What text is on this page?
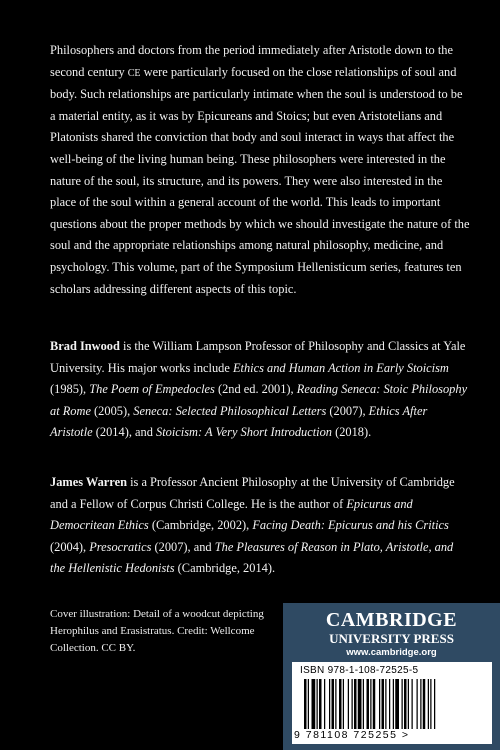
Philosophers and doctors from the period immediately after Aristotle down to the second century CE were particularly focused on the close relationships of soul and body. Such relationships are particularly intimate when the soul is understood to be a material entity, as it was by Epicureans and Stoics; but even Aristotelians and Platonists shared the conviction that body and soul interact in ways that affect the well-being of the living human being. These philosophers were interested in the nature of the soul, its structure, and its powers. They were also interested in the place of the soul within a general account of the world. This leads to important questions about the proper methods by which we should investigate the nature of the soul and the appropriate relationships among natural philosophy, medicine, and psychology. This volume, part of the Symposium Hellenisticum series, features ten scholars addressing different aspects of this topic.

Brad Inwood is the William Lampson Professor of Philosophy and Classics at Yale University. His major works include Ethics and Human Action in Early Stoicism (1985), The Poem of Empedocles (2nd ed. 2001), Reading Seneca: Stoic Philosophy at Rome (2005), Seneca: Selected Philosophical Letters (2007), Ethics After Aristotle (2014), and Stoicism: A Very Short Introduction (2018).

James Warren is a Professor Ancient Philosophy at the University of Cambridge and a Fellow of Corpus Christi College. He is the author of Epicurus and Democritean Ethics (Cambridge, 2002), Facing Death: Epicurus and his Critics (2004), Presocratics (2007), and The Pleasures of Reason in Plato, Aristotle, and the Hellenistic Hedonists (Cambridge, 2014).

Cover illustration: Detail of a woodcut depicting Herophilus and Erasistratus. Credit: Wellcome Collection. CC BY.
CAMBRIDGE
UNIVERSITY PRESS
www.cambridge.org
ISBN 978-1-108-72525-5
9 781108 725255 >
